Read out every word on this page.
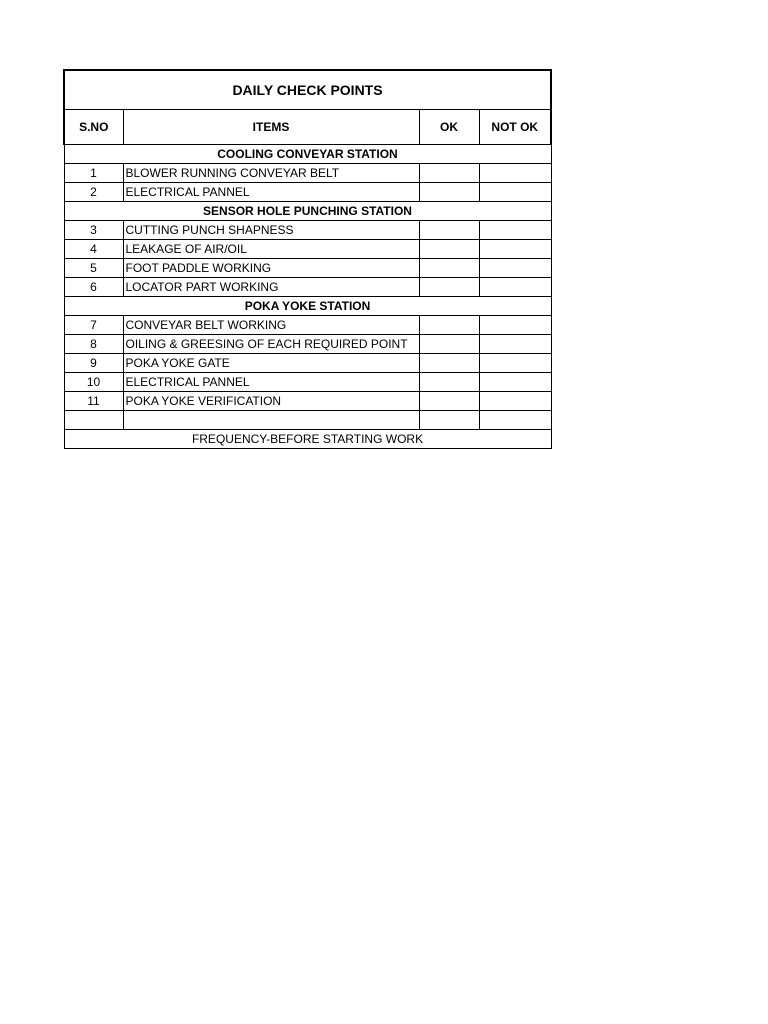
DAILY CHECK POINTS			
S.NO	ITEMS	OK	NOT OK
COOLING CONVEYAR STATION			
1	BLOWER RUNNING CONVEYAR BELT		
2	ELECTRICAL PANNEL		
SENSOR HOLE PUNCHING STATION			
3	CUTTING PUNCH SHAPNESS		
4	LEAKAGE OF AIR/OIL		
5	FOOT PADDLE WORKING		
6	LOCATOR PART WORKING		
POKA YOKE STATION			
7	CONVEYAR BELT WORKING		
8	OILING & GREESING OF EACH REQUIRED POINT		
9	POKA YOKE GATE		
10	ELECTRICAL PANNEL		
11	POKA YOKE VERIFICATION		

FREQUENCY-BEFORE STARTING WORK			
